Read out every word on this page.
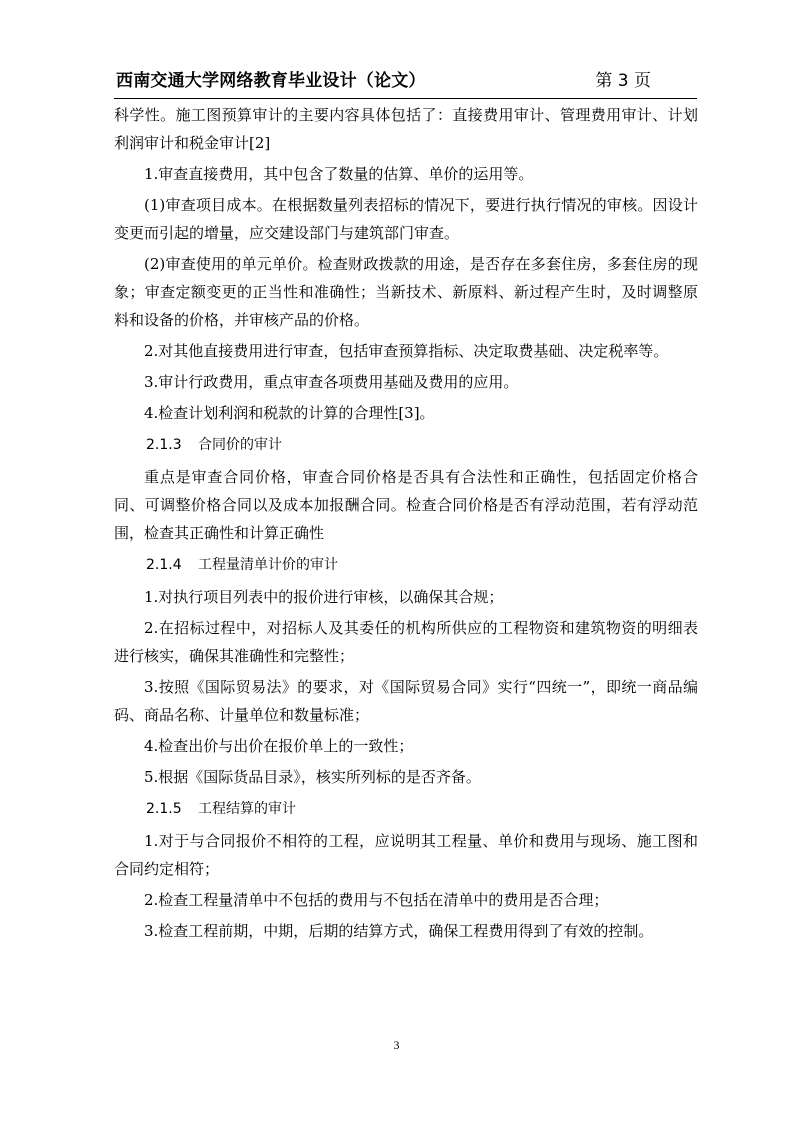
西南交通大学网络教育毕业设计（论文）	第 3 页

科学性。施工图预算审计的主要内容具体包括了：直接费用审计、管理费用审计、计划利润审计和税金审计[2]

1.审查直接费用，其中包含了数量的估算、单价的运用等。

(1)审查项目成本。在根据数量列表招标的情况下，要进行执行情况的审核。因设计变更而引起的增量，应交建设部门与建筑部门审查。

(2)审查使用的单元单价。检查财政拨款的用途，是否存在多套住房，多套住房的现象；审查定额变更的正当性和准确性；当新技术、新原料、新过程产生时，及时调整原料和设备的价格，并审核产品的价格。

2.对其他直接费用进行审查，包括审查预算指标、决定取费基础、决定税率等。

3.审计行政费用，重点审查各项费用基础及费用的应用。

4.检查计划利润和税款的计算的合理性[3]。

2.1.3 合同价的审计

重点是审查合同价格，审查合同价格是否具有合法性和正确性，包括固定价格合同、可调整价格合同以及成本加报酬合同。检查合同价格是否有浮动范围，若有浮动范围，检查其正确性和计算正确性

2.1.4 工程量清单计价的审计

1.对执行项目列表中的报价进行审核，以确保其合规；

2.在招标过程中，对招标人及其委任的机构所供应的工程物资和建筑物资的明细表进行核实，确保其准确性和完整性；

3.按照《国际贸易法》的要求，对《国际贸易合同》实行“四统一”，即统一商品编码、商品名称、计量单位和数量标准；

4.检查出价与出价在报价单上的一致性；

5.根据《国际货品目录》，核实所列标的是否齐备。

2.1.5 工程结算的审计

1.对于与合同报价不相符的工程，应说明其工程量、单价和费用与现场、施工图和合同约定相符；

2.检查工程量清单中不包括的费用与不包括在清单中的费用是否合理；

3.检查工程前期，中期，后期的结算方式，确保工程费用得到了有效的控制。

3
